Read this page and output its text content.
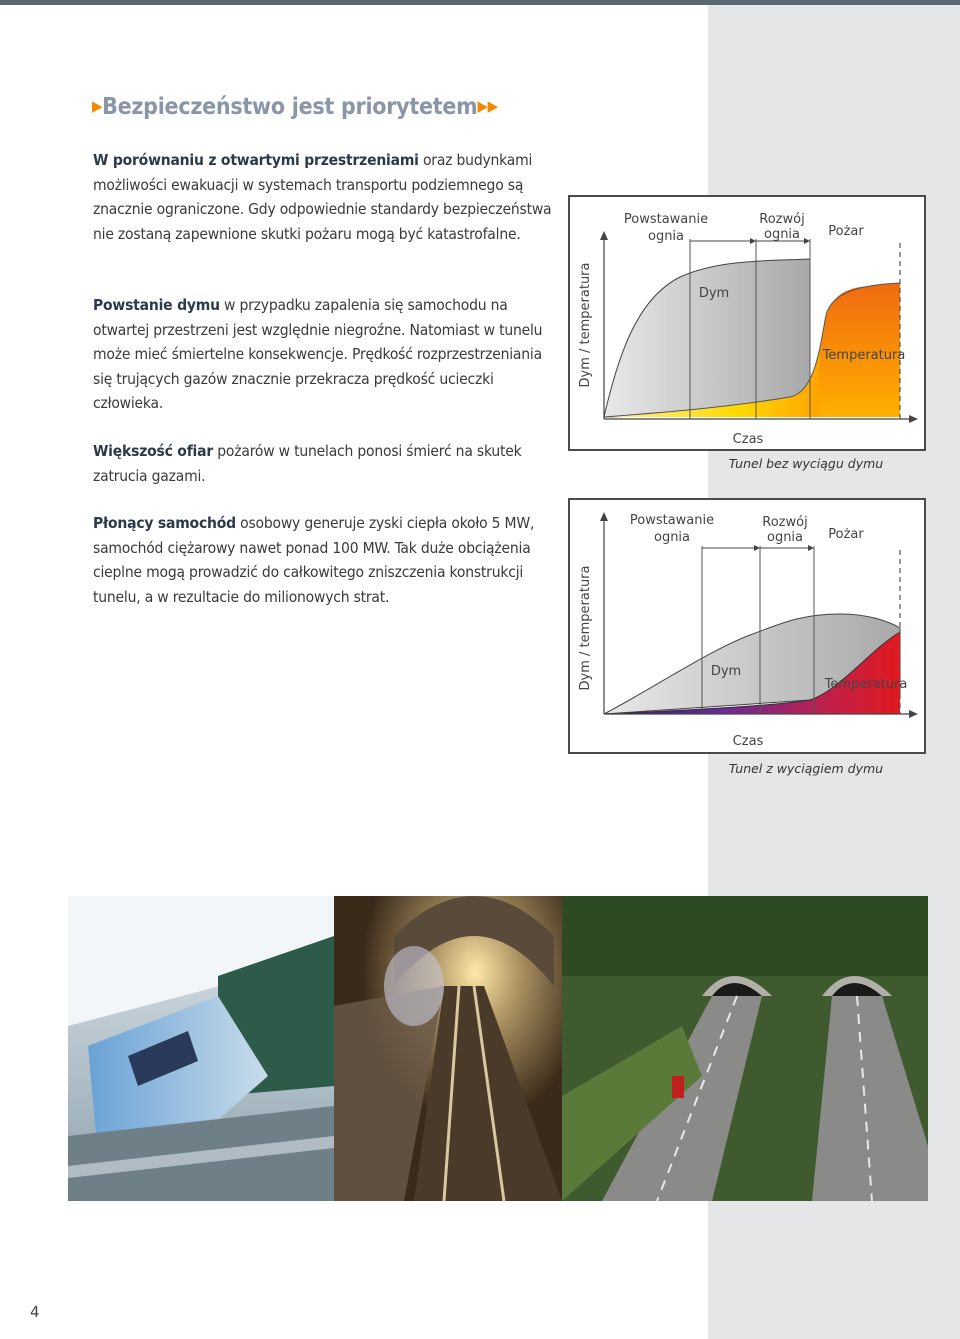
▶Bezpieczeństwo jest priorytetem▶▶

W porównaniu z otwartymi przestrzeniami oraz budynkami możliwości ewakuacji w systemach transportu podziemnego są znacznie ograniczone. Gdy odpowiednie standardy bezpieczeństwa nie zostaną zapewnione skutki pożaru mogą być katastrofalne.

Powstanie dymu w przypadku zapalenia się samochodu na otwartej przestrzeni jest względnie niegroźne. Natomiast w tunelu może mieć śmiertelne konsekwencje. Prędkość rozprzestrzeniania się trujących gazów znacznie przekracza prędkość ucieczki człowieka.

Większość ofiar pożarów w tunelach ponosi śmierć na skutek zatrucia gazami.

Płonący samochód osobowy generuje zyski ciepła około 5 MW, samochód ciężarowy nawet ponad 100 MW. Tak duże obciążenia cieplne mogą prowadzić do całkowitego zniszczenia konstrukcji tunelu, a w rezultacie do milionowych strat.

Powstawanie
ognia
Rozwój
ognia Pożar
Dym
Temperatura
Czas
Dym / temperatura

Tunel bez wyciągu dymu

Powstawanie
ognia
Rozwój
ognia Pożar
Dym
Temperatura
Czas
Dym / temperatura

Tunel z wyciągiem dymu

4
